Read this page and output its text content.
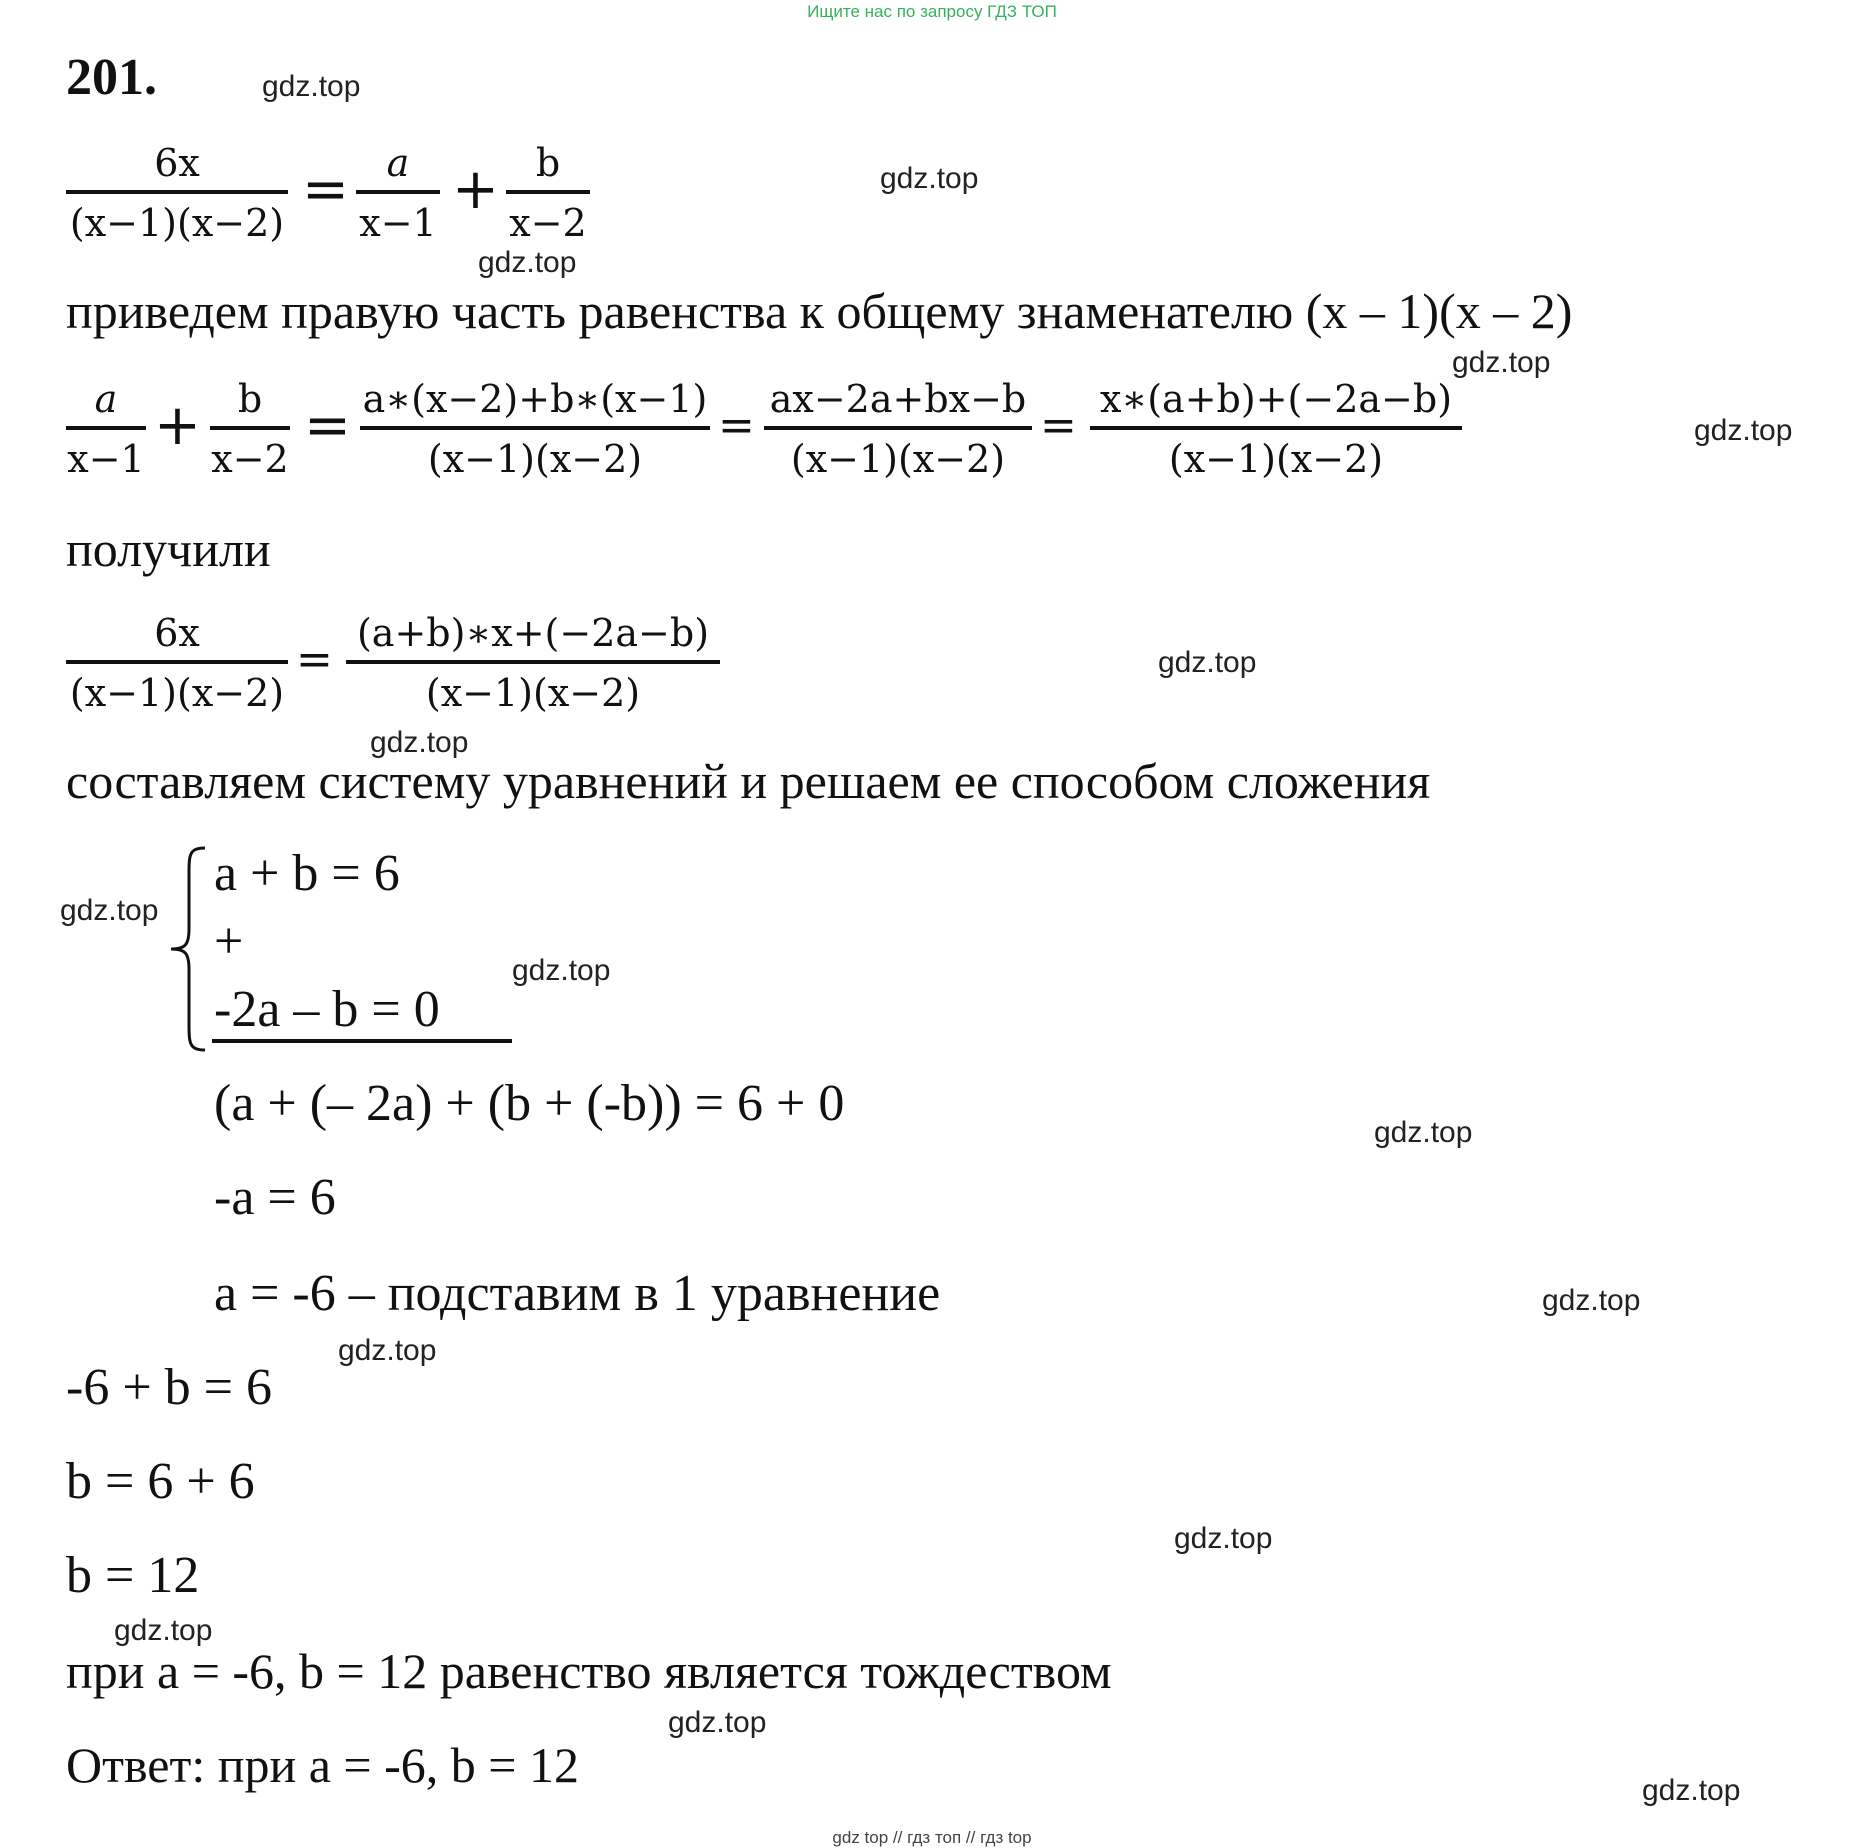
Ищите нас по запросу ГДЗ ТОП
gdz top // гдз топ // гдз top
201.	gdz.top
gdz.top
gdz.top
gdz.top
gdz.top
gdz.top
gdz.top
gdz.top
gdz.top
gdz.top
gdz.top
gdz.top
gdz.top
gdz.top
gdz.top
gdz.top
6x
(x−1)(x−2)
= a
x−1
+ b
x−2
приведем правую часть равенства к общему знаменателю (x – 1)(x – 2)
a
x−1
+ b
x−2
= a∗(x−2)+b∗(x−1)
(x−1)(x−2)
=
ax−2a+bx−b
(x−1)(x−2)
=
x∗(a+b)+(−2a−b)
(x−1)(x−2)
получили
6x
(x−1)(x−2)
=
(a+b)∗x+(−2a−b)
(x−1)(x−2)
составляем систему уравнений и решаем ее способом сложения
a + b = 6
+
-2a – b = 0
(a + (– 2a) + (b + (-b)) = 6 + 0
-a = 6
a = -6 – подставим в 1 уравнение
-6 + b = 6
b = 6 + 6
b = 12
при a = -6, b = 12 равенство является тождеством
Ответ: при a = -6, b = 12
